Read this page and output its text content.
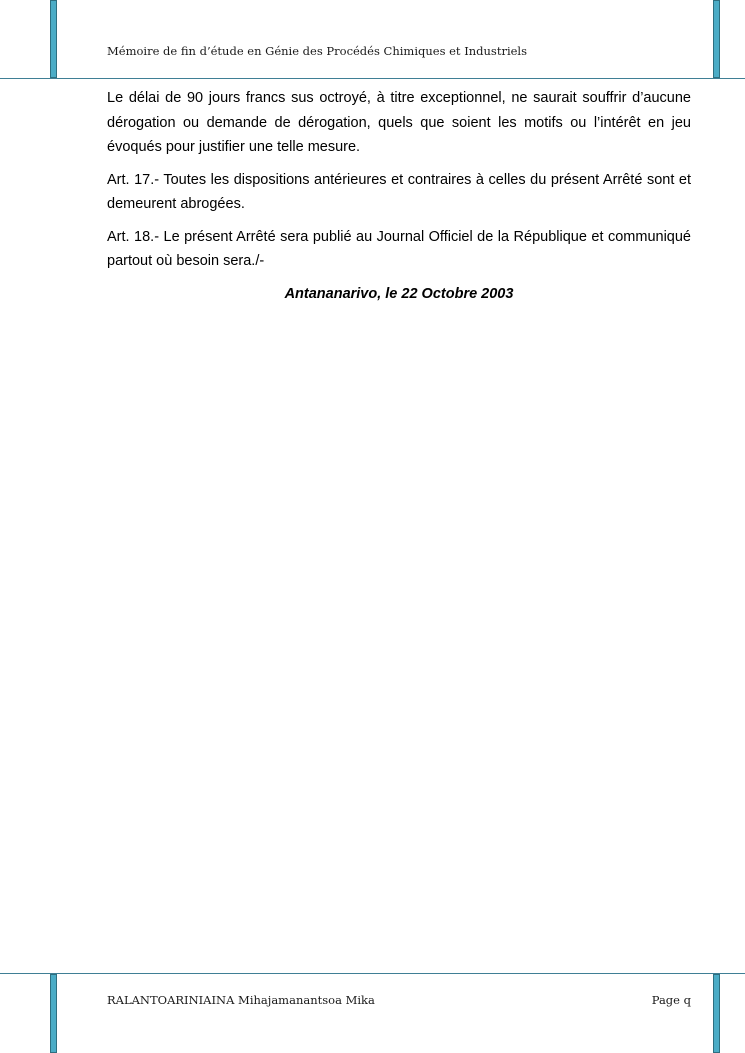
Mémoire de fin d’étude en Génie des Procédés Chimiques et Industriels

Le délai de 90 jours francs sus octroyé, à titre exceptionnel, ne saurait souffrir d’aucune dérogation ou demande de dérogation, quels que soient les motifs ou l’intérêt en jeu évoqués pour justifier une telle mesure.

Art. 17.- Toutes les dispositions antérieures et contraires à celles du présent Arrêté sont et demeurent abrogées.

Art. 18.- Le présent Arrêté sera publié au Journal Officiel de la République et communiqué partout où besoin sera./-

Antananarivo, le 22 Octobre 2003

RALANTOARINIAINA Mihajamanantsoa Mika	Page q
